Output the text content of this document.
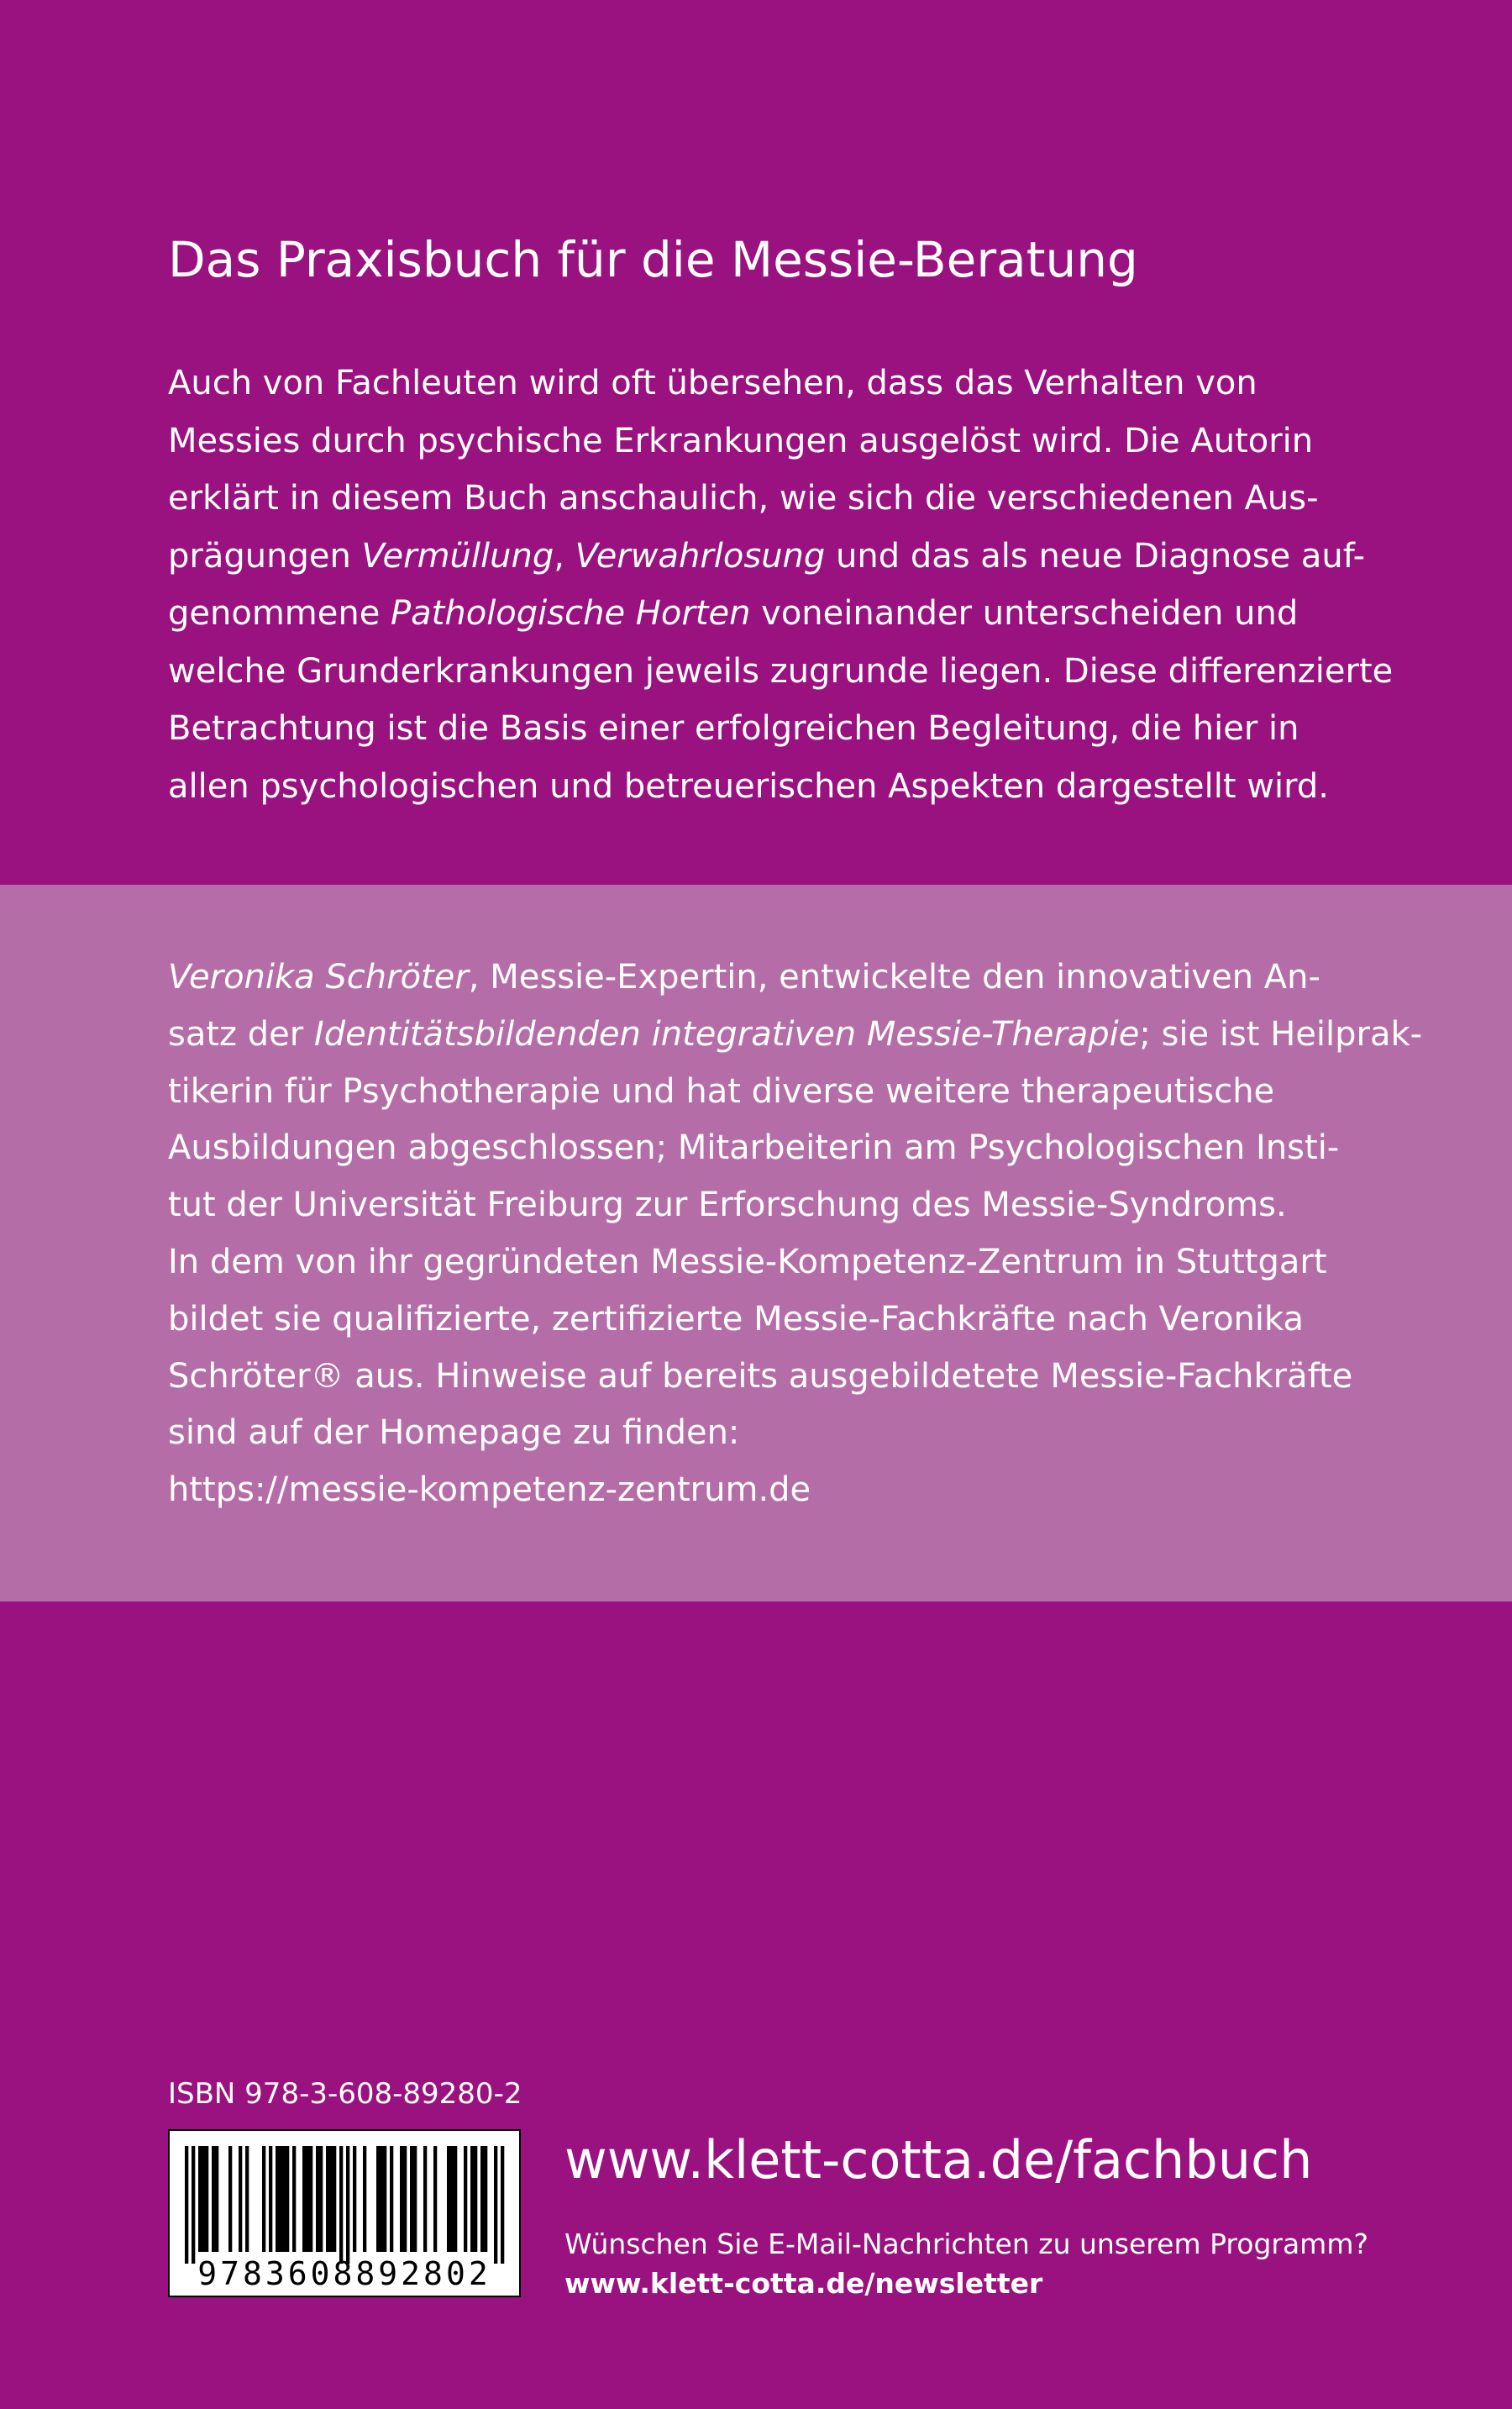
Das Praxisbuch für die Messie-Beratung
Auch von Fachleuten wird oft übersehen, dass das Verhalten von
Messies durch psychische Erkrankungen ausgelöst wird. Die Autorin
erklärt in diesem Buch anschaulich, wie sich die verschiedenen Aus-
prägungen Vermüllung, Verwahrlosung und das als neue Diagnose auf-
genommene Pathologische Horten voneinander unterscheiden und
welche Grunderkrankungen jeweils zugrunde liegen. Diese differenzierte
Betrachtung ist die Basis einer erfolgreichen Begleitung, die hier in
allen psychologischen und betreuerischen Aspekten dargestellt wird.
Veronika Schröter, Messie-Expertin, entwickelte den innovativen An-
satz der Identitätsbildenden integrativen Messie-Therapie; sie ist Heilprak-
tikerin für Psychotherapie und hat diverse weitere therapeutische
Ausbildungen abgeschlossen; Mitarbeiterin am Psychologischen Insti-
tut der Universität Freiburg zur Erforschung des Messie-Syndroms.
In dem von ihr gegründeten Messie-Kompetenz-Zentrum in Stuttgart
bildet sie qualifizierte, zertifizierte Messie-Fachkräfte nach Veronika
Schröter® aus. Hinweise auf bereits ausgebildetete Messie-Fachkräfte
sind auf der Homepage zu finden:
https://messie-kompetenz-zentrum.de
ISBN 978-3-608-89280-2
9783608892802
www.klett-cotta.de/fachbuch
Wünschen Sie E-Mail-Nachrichten zu unserem Programm?
www.klett-cotta.de/newsletter
